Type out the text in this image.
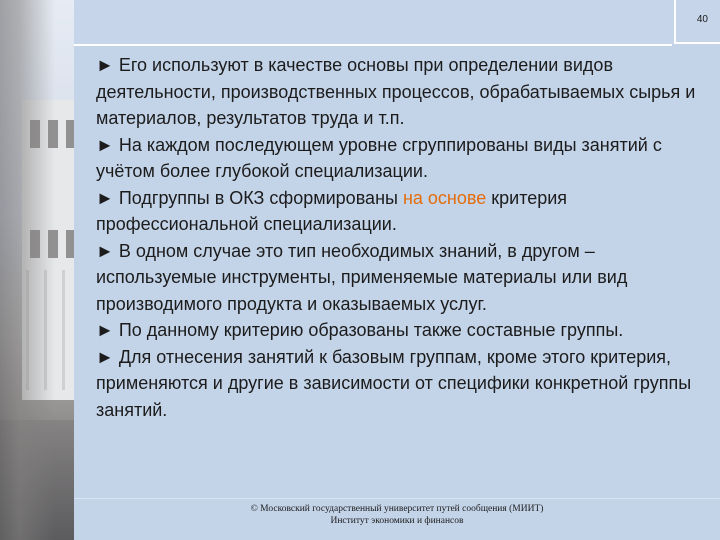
40

► Его используют в качестве основы при определении видов деятельности, производственных процессов, обрабатываемых сырья и материалов, результатов труда и т.п.

► На каждом последующем уровне сгруппированы виды занятий с учётом более глубокой специализации.

► Подгруппы в ОКЗ сформированы на основе критерия профессиональной специализации.

► В одном случае это тип необходимых знаний, в другом – используемые инструменты, применяемые материалы или вид производимого продукта и оказываемых услуг.

► По данному критерию образованы также составные группы.

► Для отнесения занятий к базовым группам, кроме этого критерия, применяются и другие в зависимости от специфики конкретной группы занятий.

© Московский государственный университет путей сообщения (МИИТ)
Институт экономики и финансов
